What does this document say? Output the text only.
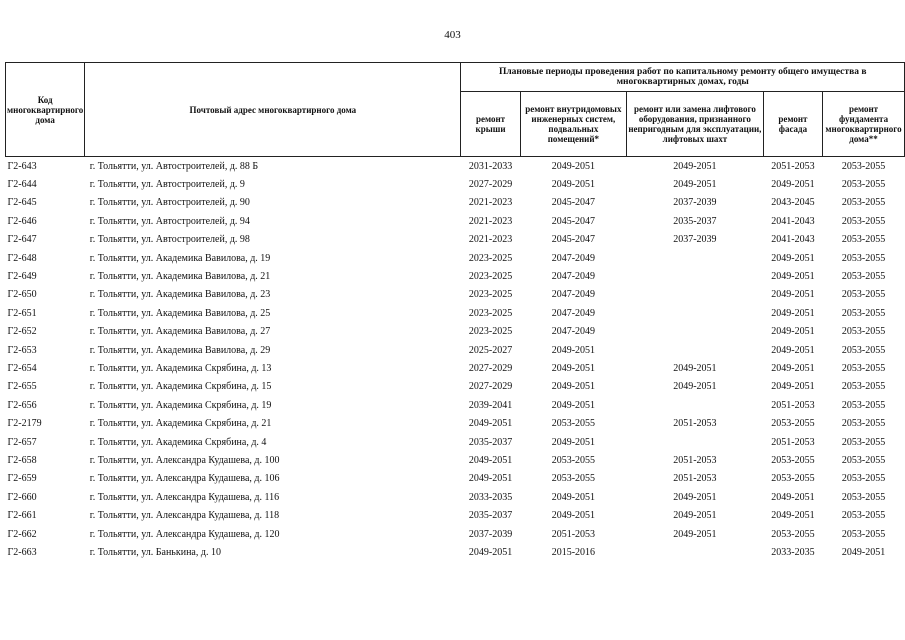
403
Код многоквартирного дома	Почтовый адрес многоквартирного дома	Плановые периоды проведения работ по капитальному ремонту общего имущества в многоквартирных домах, годы				
		ремонт крыши	ремонт внутридомовых инженерных систем, подвальных помещений*	ремонт или замена лифтового оборудования, признанного непригодным для эксплуатации, лифтовых шахт	ремонт фасада	ремонт фундамента многоквартирного дома**
Г2-643	г. Тольятти, ул. Автостроителей, д. 88 Б	2031-2033	2049-2051	2049-2051	2051-2053	2053-2055
Г2-644	г. Тольятти, ул. Автостроителей, д. 9	2027-2029	2049-2051	2049-2051	2049-2051	2053-2055
Г2-645	г. Тольятти, ул. Автостроителей, д. 90	2021-2023	2045-2047	2037-2039	2043-2045	2053-2055
Г2-646	г. Тольятти, ул. Автостроителей, д. 94	2021-2023	2045-2047	2035-2037	2041-2043	2053-2055
Г2-647	г. Тольятти, ул. Автостроителей, д. 98	2021-2023	2045-2047	2037-2039	2041-2043	2053-2055
Г2-648	г. Тольятти, ул. Академика Вавилова, д. 19	2023-2025	2047-2049		2049-2051	2053-2055
Г2-649	г. Тольятти, ул. Академика Вавилова, д. 21	2023-2025	2047-2049		2049-2051	2053-2055
Г2-650	г. Тольятти, ул. Академика Вавилова, д. 23	2023-2025	2047-2049		2049-2051	2053-2055
Г2-651	г. Тольятти, ул. Академика Вавилова, д. 25	2023-2025	2047-2049		2049-2051	2053-2055
Г2-652	г. Тольятти, ул. Академика Вавилова, д. 27	2023-2025	2047-2049		2049-2051	2053-2055
Г2-653	г. Тольятти, ул. Академика Вавилова, д. 29	2025-2027	2049-2051		2049-2051	2053-2055
Г2-654	г. Тольятти, ул. Академика Скрябина, д. 13	2027-2029	2049-2051	2049-2051	2049-2051	2053-2055
Г2-655	г. Тольятти, ул. Академика Скрябина, д. 15	2027-2029	2049-2051	2049-2051	2049-2051	2053-2055
Г2-656	г. Тольятти, ул. Академика Скрябина, д. 19	2039-2041	2049-2051		2051-2053	2053-2055
Г2-2179	г. Тольятти, ул. Академика Скрябина, д. 21	2049-2051	2053-2055	2051-2053	2053-2055	2053-2055
Г2-657	г. Тольятти, ул. Академика Скрябина, д. 4	2035-2037	2049-2051		2051-2053	2053-2055
Г2-658	г. Тольятти, ул. Александра Кудашева, д. 100	2049-2051	2053-2055	2051-2053	2053-2055	2053-2055
Г2-659	г. Тольятти, ул. Александра Кудашева, д. 106	2049-2051	2053-2055	2051-2053	2053-2055	2053-2055
Г2-660	г. Тольятти, ул. Александра Кудашева, д. 116	2033-2035	2049-2051	2049-2051	2049-2051	2053-2055
Г2-661	г. Тольятти, ул. Александра Кудашева, д. 118	2035-2037	2049-2051	2049-2051	2049-2051	2053-2055
Г2-662	г. Тольятти, ул. Александра Кудашева, д. 120	2037-2039	2051-2053	2049-2051	2053-2055	2053-2055
Г2-663	г. Тольятти, ул. Банькина, д. 10	2049-2051	2015-2016		2033-2035	2049-2051
